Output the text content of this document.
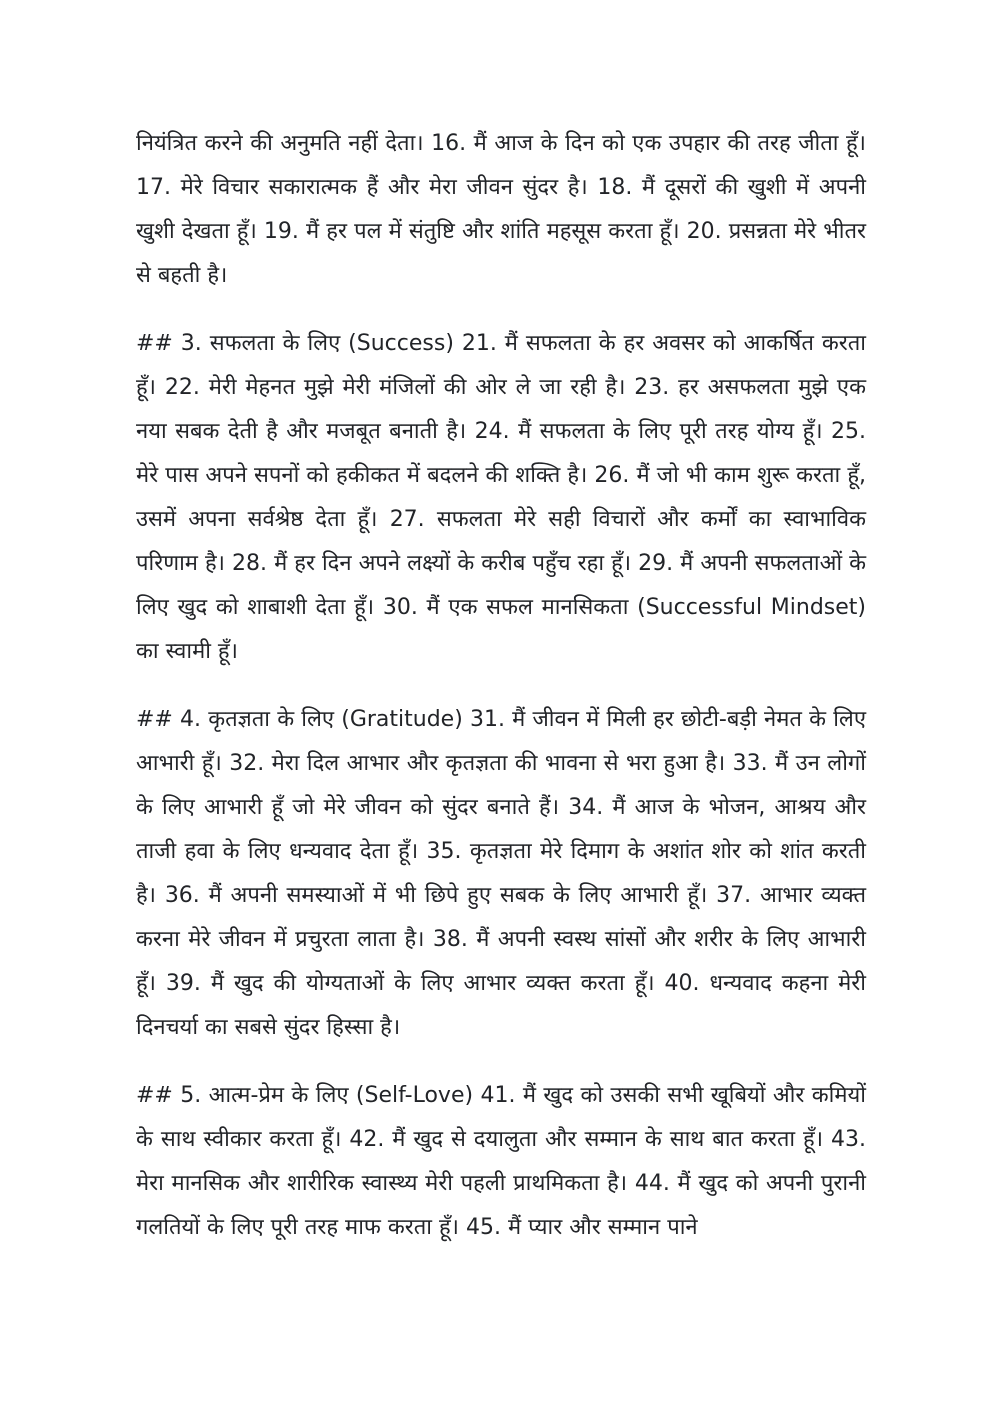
नियंत्रित करने की अनुमति नहीं देता। 16. मैं आज के दिन को एक उपहार की तरह जीता हूँ। 17. मेरे विचार सकारात्मक हैं और मेरा जीवन सुंदर है। 18. मैं दूसरों की खुशी में अपनी खुशी देखता हूँ। 19. मैं हर पल में संतुष्टि और शांति महसूस करता हूँ। 20. प्रसन्नता मेरे भीतर से बहती है।

## 3. सफलता के लिए (Success) 21. मैं सफलता के हर अवसर को आकर्षित करता हूँ। 22. मेरी मेहनत मुझे मेरी मंजिलों की ओर ले जा रही है। 23. हर असफलता मुझे एक नया सबक देती है और मजबूत बनाती है। 24. मैं सफलता के लिए पूरी तरह योग्य हूँ। 25. मेरे पास अपने सपनों को हकीकत में बदलने की शक्ति है। 26. मैं जो भी काम शुरू करता हूँ, उसमें अपना सर्वश्रेष्ठ देता हूँ। 27. सफलता मेरे सही विचारों और कर्मों का स्वाभाविक परिणाम है। 28. मैं हर दिन अपने लक्ष्यों के करीब पहुँच रहा हूँ। 29. मैं अपनी सफलताओं के लिए खुद को शाबाशी देता हूँ। 30. मैं एक सफल मानसिकता (Successful Mindset) का स्वामी हूँ।

## 4. कृतज्ञता के लिए (Gratitude) 31. मैं जीवन में मिली हर छोटी-बड़ी नेमत के लिए आभारी हूँ। 32. मेरा दिल आभार और कृतज्ञता की भावना से भरा हुआ है। 33. मैं उन लोगों के लिए आभारी हूँ जो मेरे जीवन को सुंदर बनाते हैं। 34. मैं आज के भोजन, आश्रय और ताजी हवा के लिए धन्यवाद देता हूँ। 35. कृतज्ञता मेरे दिमाग के अशांत शोर को शांत करती है। 36. मैं अपनी समस्याओं में भी छिपे हुए सबक के लिए आभारी हूँ। 37. आभार व्यक्त करना मेरे जीवन में प्रचुरता लाता है। 38. मैं अपनी स्वस्थ सांसों और शरीर के लिए आभारी हूँ। 39. मैं खुद की योग्यताओं के लिए आभार व्यक्त करता हूँ। 40. धन्यवाद कहना मेरी दिनचर्या का सबसे सुंदर हिस्सा है।

## 5. आत्म-प्रेम के लिए (Self-Love) 41. मैं खुद को उसकी सभी खूबियों और कमियों के साथ स्वीकार करता हूँ। 42. मैं खुद से दयालुता और सम्मान के साथ बात करता हूँ। 43. मेरा मानसिक और शारीरिक स्वास्थ्य मेरी पहली प्राथमिकता है। 44. मैं खुद को अपनी पुरानी गलतियों के लिए पूरी तरह माफ करता हूँ। 45. मैं प्यार और सम्मान पाने
